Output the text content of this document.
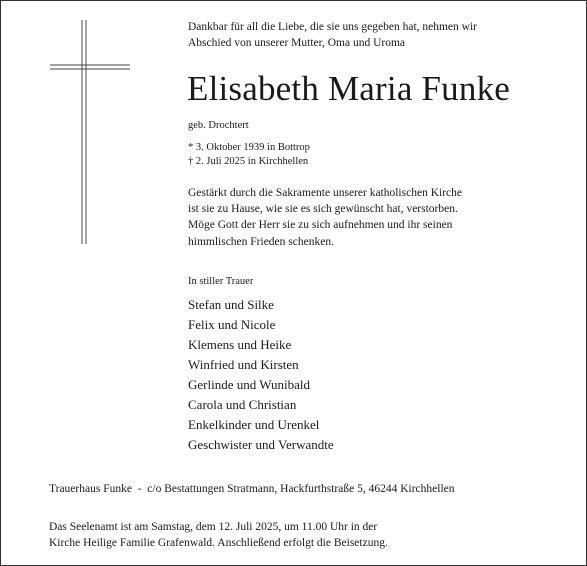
Dankbar für all die Liebe, die sie uns gegeben hat, nehmen wir
Abschied von unserer Mutter, Oma und Uroma
Elisabeth Maria Funke
geb. Drochtert
* 3. Oktober 1939 in Bottrop
† 2. Juli 2025 in Kirchhellen
Gestärkt durch die Sakramente unserer katholischen Kirche
ist sie zu Hause, wie sie es sich gewünscht hat, verstorben.
Möge Gott der Herr sie zu sich aufnehmen und ihr seinen
himmlischen Frieden schenken.
In stiller Trauer
Stefan und Silke
Felix und Nicole
Klemens und Heike
Winfried und Kirsten
Gerlinde und Wunibald
Carola und Christian
Enkelkinder und Urenkel
Geschwister und Verwandte
Trauerhaus Funke  -  c/o Bestattungen Stratmann, Hackfurthstraße 5, 46244 Kirchhellen
Das Seelenamt ist am Samstag, dem 12. Juli 2025, um 11.00 Uhr in der
Kirche Heilige Familie Grafenwald. Anschließend erfolgt die Beisetzung.
